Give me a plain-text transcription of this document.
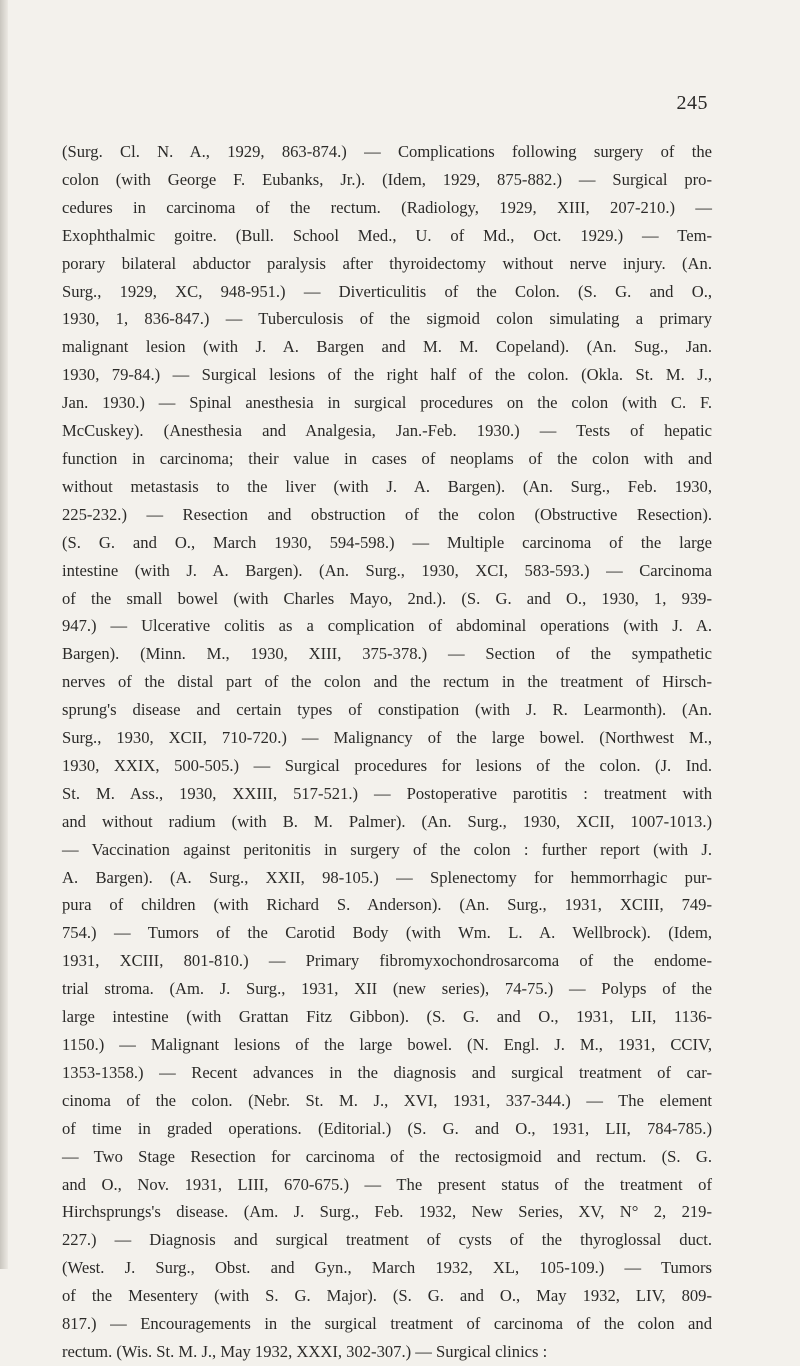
245
(Surg. Cl. N. A., 1929, 863-874.) — Complications following surgery of the
colon (with George F. Eubanks, Jr.). (Idem, 1929, 875-882.) — Surgical pro-
cedures in carcinoma of the rectum. (Radiology, 1929, XIII, 207-210.) —
Exophthalmic goitre. (Bull. School Med., U. of Md., Oct. 1929.) — Tem-
porary bilateral abductor paralysis after thyroidectomy without nerve injury. (An.
Surg., 1929, XC, 948-951.) — Diverticulitis of the Colon. (S. G. and O.,
1930, 1, 836-847.) — Tuberculosis of the sigmoid colon simulating a primary
malignant lesion (with J. A. Bargen and M. M. Copeland). (An. Sug., Jan.
1930, 79-84.) — Surgical lesions of the right half of the colon. (Okla. St. M. J.,
Jan. 1930.) — Spinal anesthesia in surgical procedures on the colon (with C. F.
McCuskey). (Anesthesia and Analgesia, Jan.-Feb. 1930.) — Tests of hepatic
function in carcinoma; their value in cases of neoplams of the colon with and
without metastasis to the liver (with J. A. Bargen). (An. Surg., Feb. 1930,
225-232.) — Resection and obstruction of the colon (Obstructive Resection).
(S. G. and O., March 1930, 594-598.) — Multiple carcinoma of the large
intestine (with J. A. Bargen). (An. Surg., 1930, XCI, 583-593.) — Carcinoma
of the small bowel (with Charles Mayo, 2nd.). (S. G. and O., 1930, 1, 939-
947.) — Ulcerative colitis as a complication of abdominal operations (with J. A.
Bargen). (Minn. M., 1930, XIII, 375-378.) — Section of the sympathetic
nerves of the distal part of the colon and the rectum in the treatment of Hirsch-
sprung's disease and certain types of constipation (with J. R. Learmonth). (An.
Surg., 1930, XCII, 710-720.) — Malignancy of the large bowel. (Northwest M.,
1930, XXIX, 500-505.) — Surgical procedures for lesions of the colon. (J. Ind.
St. M. Ass., 1930, XXIII, 517-521.) — Postoperative parotitis : treatment with
and without radium (with B. M. Palmer). (An. Surg., 1930, XCII, 1007-1013.)
— Vaccination against peritonitis in surgery of the colon : further report (with J.
A. Bargen). (A. Surg., XXII, 98-105.) — Splenectomy for hemmorrhagic pur-
pura of children (with Richard S. Anderson). (An. Surg., 1931, XCIII, 749-
754.) — Tumors of the Carotid Body (with Wm. L. A. Wellbrock). (Idem,
1931, XCIII, 801-810.) — Primary fibromyxochondrosarcoma of the endome-
trial stroma. (Am. J. Surg., 1931, XII (new series), 74-75.) — Polyps of the
large intestine (with Grattan Fitz Gibbon). (S. G. and O., 1931, LII, 1136-
1150.) — Malignant lesions of the large bowel. (N. Engl. J. M., 1931, CCIV,
1353-1358.) — Recent advances in the diagnosis and surgical treatment of car-
cinoma of the colon. (Nebr. St. M. J., XVI, 1931, 337-344.) — The element
of time in graded operations. (Editorial.) (S. G. and O., 1931, LII, 784-785.)
— Two Stage Resection for carcinoma of the rectosigmoid and rectum. (S. G.
and O., Nov. 1931, LIII, 670-675.) — The present status of the treatment of
Hirchsprungs's disease. (Am. J. Surg., Feb. 1932, New Series, XV, N° 2, 219-
227.) — Diagnosis and surgical treatment of cysts of the thyroglossal duct.
(West. J. Surg., Obst. and Gyn., March 1932, XL, 105-109.) — Tumors
of the Mesentery (with S. G. Major). (S. G. and O., May 1932, LIV, 809-
817.) — Encouragements in the surgical treatment of carcinoma of the colon and
rectum. (Wis. St. M. J., May 1932, XXXI, 302-307.) — Surgical clinics :
